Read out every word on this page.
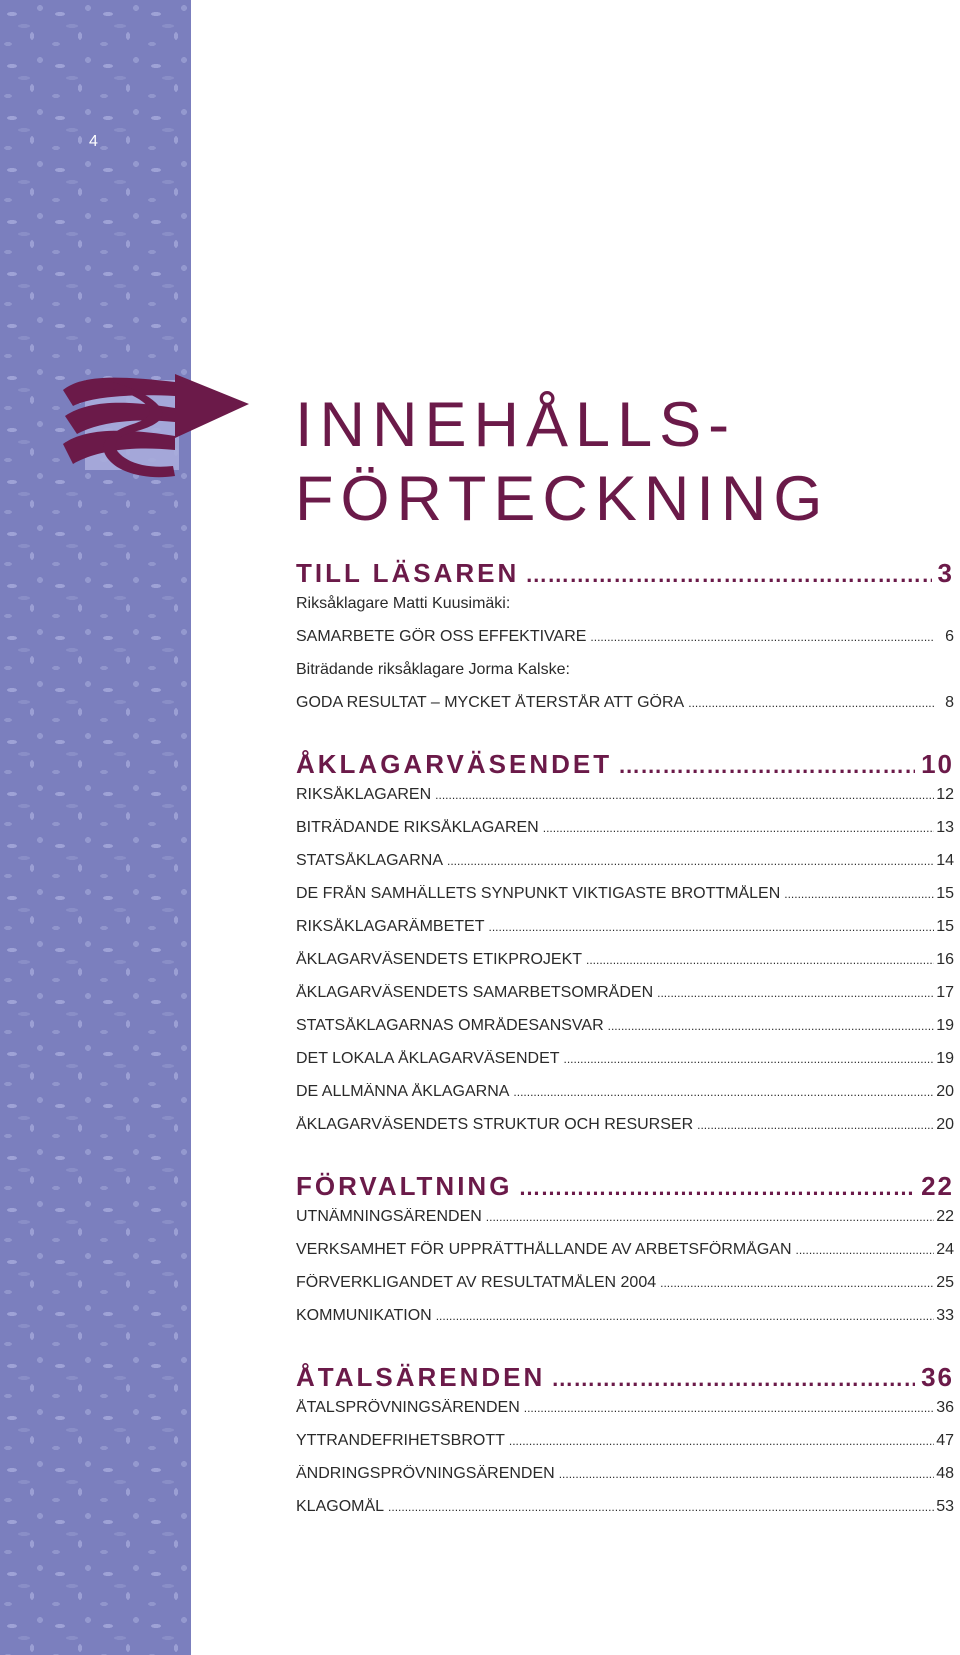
4
INNEHÅLLS-
FÖRTECKNING
TILL LÄSAREN …………………………………………………………………………………………………………	3
Riksåklagare Matti Kuusimäki:
SAMARBETE GÖR OSS EFFEKTIVARE .....	6
Biträdande riksåklagare Jorma Kalske:
GODA RESULTAT – MYCKET ÅTERSTÅR ATT GÖRA .....	8
ÅKLAGARVÄSENDET …………………………………………………………………………………………………………	10
RIKSÅKLAGAREN .....	12
BITRÄDANDE RIKSÅKLAGAREN .....	13
STATSÅKLAGARNA .....	14
DE FRÅN SAMHÄLLETS SYNPUNKT VIKTIGASTE BROTTMÅLEN .....	15
RIKSÅKLAGARÄMBETET .....	15
ÅKLAGARVÄSENDETS ETIKPROJEKT .....	16
ÅKLAGARVÄSENDETS SAMARBETSOMRÅDEN .....	17
STATSÅKLAGARNAS OMRÅDESANSVAR .....	19
DET LOKALA ÅKLAGARVÄSENDET .....	19
DE ALLMÄNNA ÅKLAGARNA .....	20
ÅKLAGARVÄSENDETS STRUKTUR OCH RESURSER .....	20
FÖRVALTNING …………………………………………………………………………………………………………	22
UTNÄMNINGSÄRENDEN .....	22
VERKSAMHET FÖR UPPRÄTTHÅLLANDE AV ARBETSFÖRMÅGAN .....	24
FÖRVERKLIGANDET AV RESULTATMÅLEN 2004 .....	25
KOMMUNIKATION .....	33
ÅTALSÄRENDEN …………………………………………………………………………………………………………	36
ÅTALSPRÖVNINGSÄRENDEN .....	36
YTTRANDEFRIHETSBROTT .....	47
ÄNDRINGSPRÖVNINGSÄRENDEN .....	48
KLAGOMÅL .....	53
